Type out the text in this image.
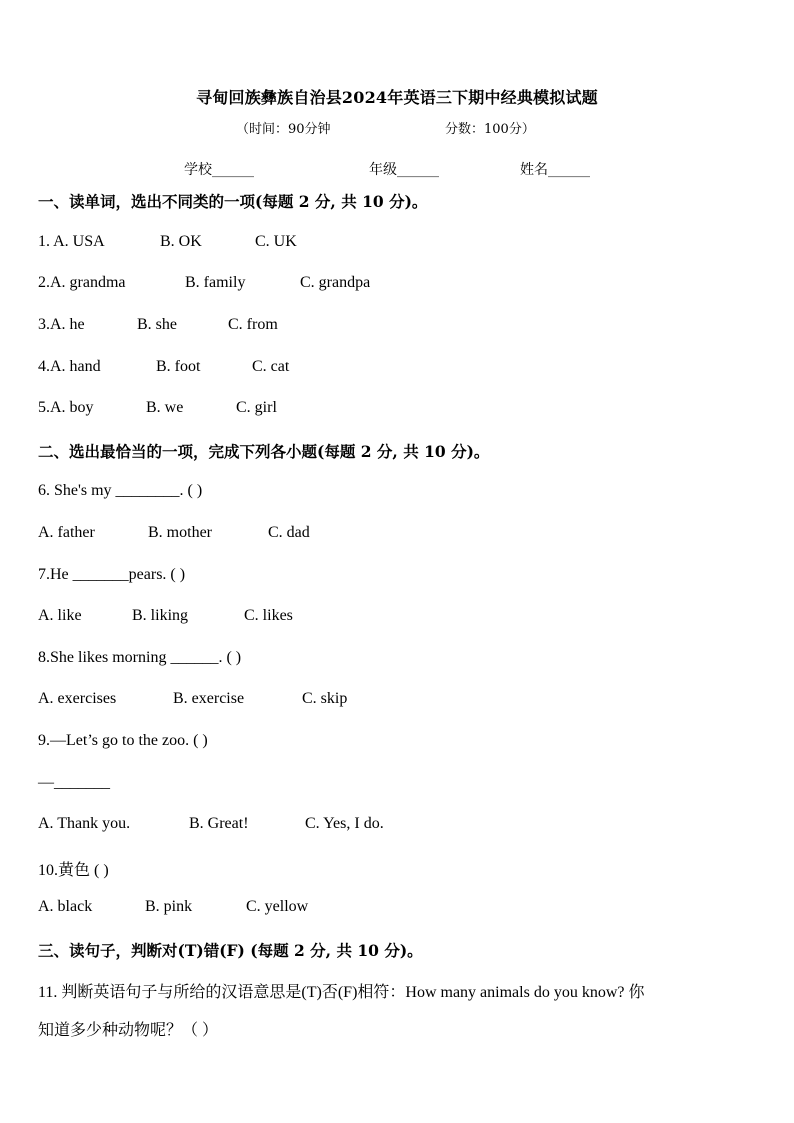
寻甸回族彝族自治县2024年英语三下期中经典模拟试题
（时间：90分钟	分数：100分）
学校______	年级______	姓名______
一、读单词，选出不同类的一项(每题 2 分, 共 10 分)。
1. A. USA	B. OK	C. UK
2.A. grandma	B. family	C. grandpa
3.A. he	B. she	C. from
4.A. hand	B. foot	C. cat
5.A. boy	B. we	C. girl
二、选出最恰当的一项，完成下列各小题(每题 2 分, 共 10 分)。
6. She's my ________. ( )
A. father	B. mother	C. dad
7.He _______pears. ( )
A. like	B. liking	C. likes
8.She likes morning ______. ( )
A. exercises	B. exercise	C. skip
9.—Let’s go to the zoo. ( )
—_______
A. Thank you.	B. Great!	C. Yes, I do.
10.黄色 ( )
A. black	B. pink	C. yellow
三、读句子，判断对(T)错(F) (每题 2 分, 共 10 分)。
11. 判断英语句子与所给的汉语意思是(T)否(F)相符：How many animals do you know? 你
知道多少种动物呢？（ ）
